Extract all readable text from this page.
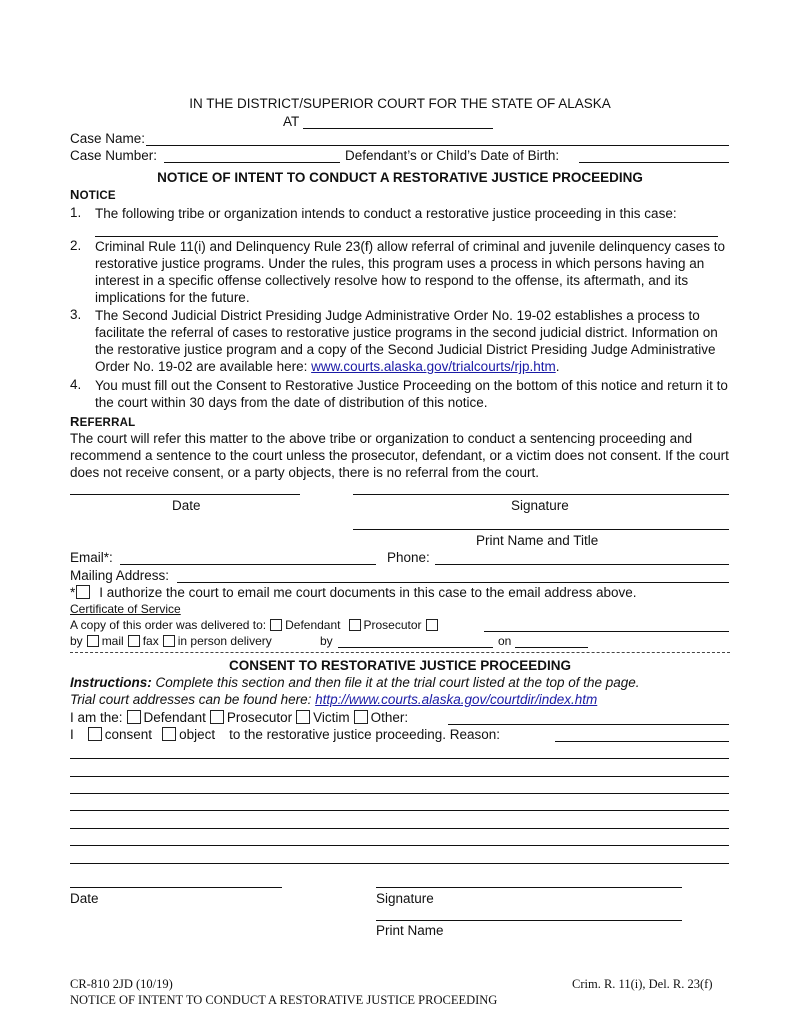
IN THE DISTRICT/SUPERIOR COURT FOR THE STATE OF ALASKA
AT
Case Name:
Case Number:	Defendant’s or Child’s Date of Birth:
NOTICE OF INTENT TO CONDUCT A RESTORATIVE JUSTICE PROCEEDING
NOTICE
1. The following tribe or organization intends to conduct a restorative justice proceeding in this case:
2. Criminal Rule 11(i) and Delinquency Rule 23(f) allow referral of criminal and juvenile delinquency cases to restorative justice programs. Under the rules, this program uses a process in which persons having an interest in a specific offense collectively resolve how to respond to the offense, its aftermath, and its implications for the future.
3. The Second Judicial District Presiding Judge Administrative Order No. 19-02 establishes a process to facilitate the referral of cases to restorative justice programs in the second judicial district. Information on the restorative justice program and a copy of the Second Judicial District Presiding Judge Administrative Order No. 19-02 are available here: www.courts.alaska.gov/trialcourts/rjp.htm.
4. You must fill out the Consent to Restorative Justice Proceeding on the bottom of this notice and return it to the court within 30 days from the date of distribution of this notice.
REFERRAL
The court will refer this matter to the above tribe or organization to conduct a sentencing proceeding and recommend a sentence to the court unless the prosecutor, defendant, or a victim does not consent. If the court does not receive consent, or a party objects, there is no referral from the court.
Date	Signature
Print Name and Title
Email*:	Phone:
Mailing Address:
* I authorize the court to email me court documents in this case to the email address above.
Certificate of Service
A copy of this order was delivered to: Defendant Prosecutor
by mail fax in person delivery	by	on
CONSENT TO RESTORATIVE JUSTICE PROCEEDING
Instructions: Complete this section and then file it at the trial court listed at the top of the page.
Trial court addresses can be found here: http://www.courts.alaska.gov/courtdir/index.htm
I am the: Defendant Prosecutor Victim Other:
I consent object to the restorative justice proceeding. Reason:
Date	Signature
Print Name
CR-810 2JD (10/19)
NOTICE OF INTENT TO CONDUCT A RESTORATIVE JUSTICE PROCEEDING
Crim. R. 11(i), Del. R. 23(f)
